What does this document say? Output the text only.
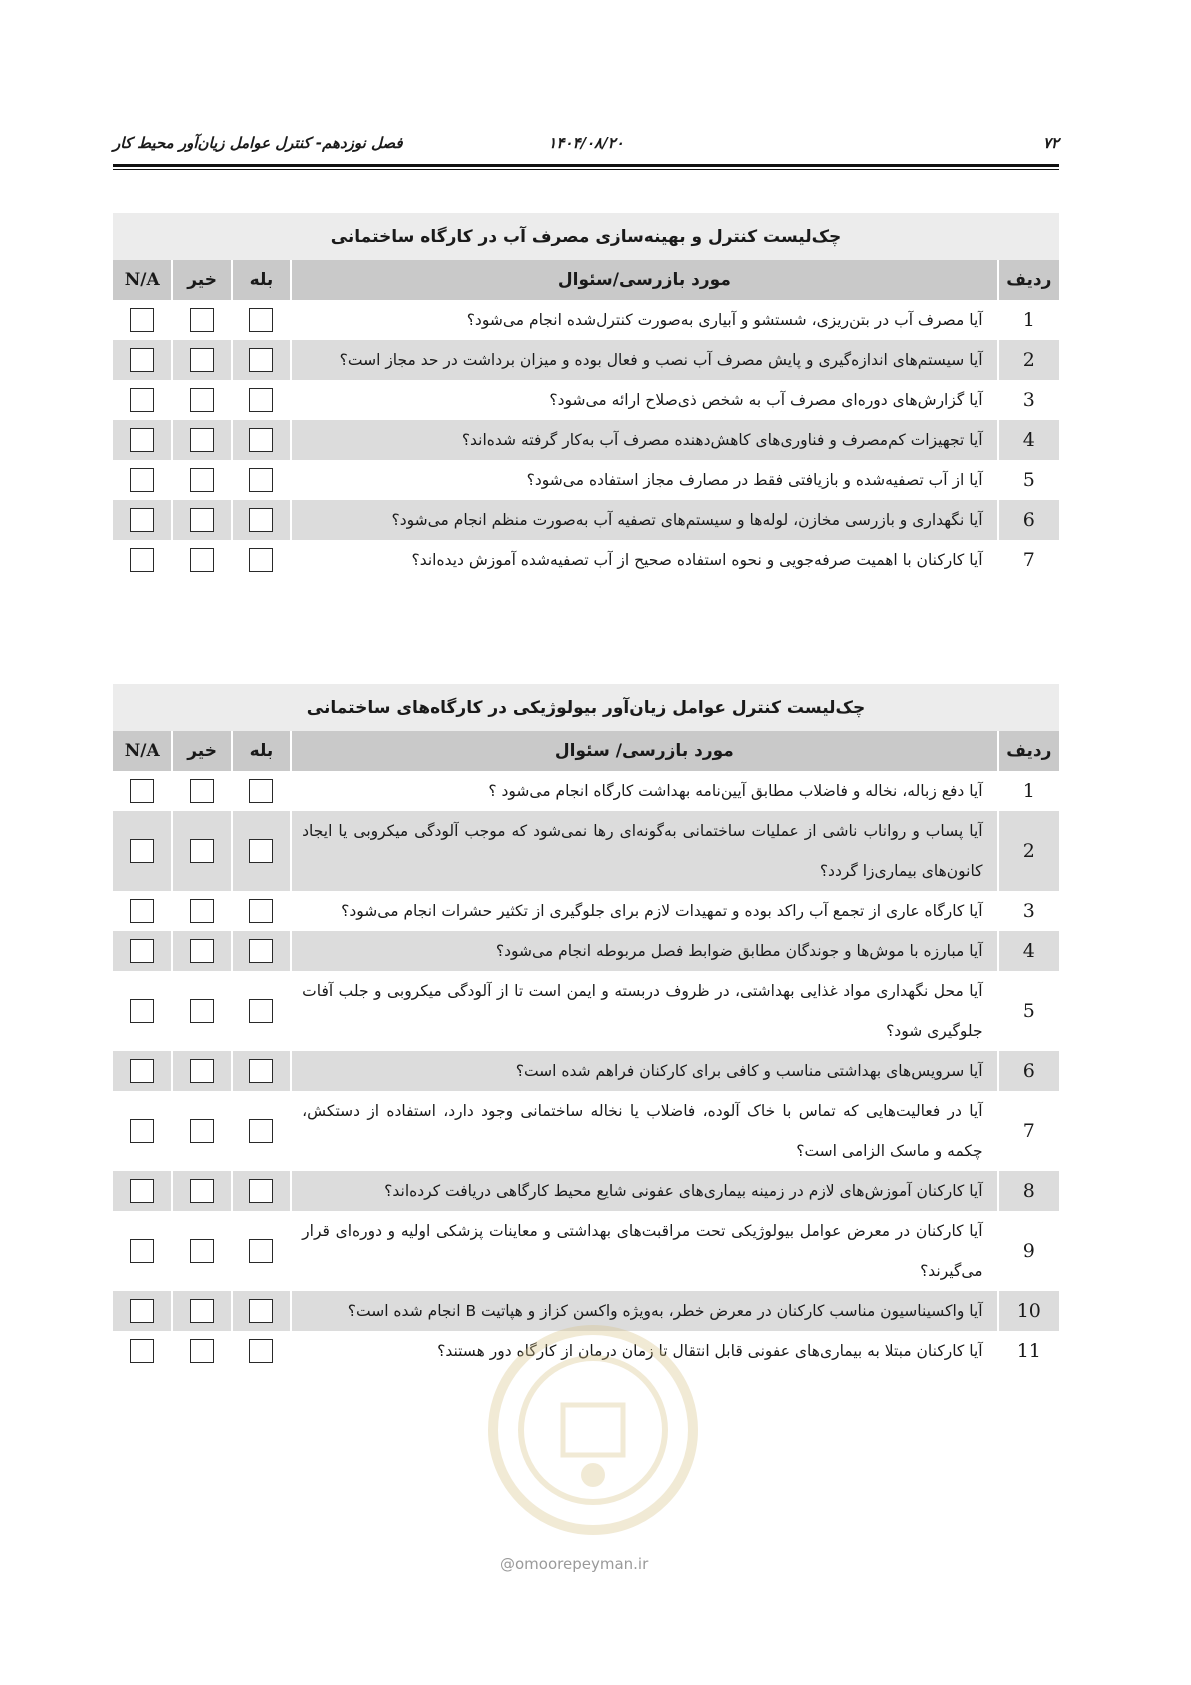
۷۲
۱۴۰۴/۰۸/۲۰
فصل نوزدهم- کنترل عوامل زیان‌آور محیط کار
چک‌لیست کنترل و بهینه‌سازی مصرف آب در کارگاه ساختمانی				
ردیف	مورد بازرسی/سئوال	بله	خیر	N/A
1	آیا مصرف آب در بتن‌ریزی، شستشو و آبیاری به‌صورت کنترل‌شده انجام می‌شود؟			
2	آیا سیستم‌های اندازه‌گیری و پایش مصرف آب نصب و فعال بوده و میزان برداشت در حد مجاز است؟			
3	آیا گزارش‌های دوره‌ای مصرف آب به شخص ذی‌صلاح ارائه می‌شود؟			
4	آیا تجهیزات کم‌مصرف و فناوری‌های کاهش‌دهنده مصرف آب به‌کار گرفته شده‌اند؟			
5	آیا از آب تصفیه‌شده و بازیافتی فقط در مصارف مجاز استفاده می‌شود؟			
6	آیا نگهداری و بازرسی مخازن، لوله‌ها و سیستم‌های تصفیه آب به‌صورت منظم انجام می‌شود؟			
7	آیا کارکنان با اهمیت صرفه‌جویی و نحوه استفاده صحیح از آب تصفیه‌شده آموزش دیده‌اند؟			
چک‌لیست کنترل عوامل زیان‌آور بیولوژیکی در کارگاه‌های ساختمانی				
ردیف	مورد بازرسی/ سئوال	بله	خیر	N/A
1	آیا دفع زباله، نخاله و فاضلاب مطابق آیین‌نامه بهداشت کارگاه انجام می‌شود ؟			
2	آیا پساب و رواناب ناشی از عملیات ساختمانی به‌گونه‌ای رها نمی‌شود که موجب آلودگی میکروبی یا ایجاد کانون‌های بیماری‌زا گردد؟			
3	آیا کارگاه عاری از تجمع آب راکد بوده و تمهیدات لازم برای جلوگیری از تکثیر حشرات انجام می‌شود؟			
4	آیا مبارزه با موش‌ها و جوندگان مطابق ضوابط فصل مربوطه انجام می‌شود؟			
5	آیا محل نگهداری مواد غذایی بهداشتی، در ظروف دربسته و ایمن است تا از آلودگی میکروبی و جلب آفات جلوگیری شود؟			
6	آیا سرویس‌های بهداشتی مناسب و کافی برای کارکنان فراهم شده است؟			
7	آیا در فعالیت‌هایی که تماس با خاک آلوده، فاضلاب یا نخاله ساختمانی وجود دارد، استفاده از دستکش، چکمه و ماسک الزامی است؟			
8	آیا کارکنان آموزش‌های لازم در زمینه بیماری‌های عفونی شایع محیط کارگاهی دریافت کرده‌اند؟			
9	آیا کارکنان در معرض عوامل بیولوژیکی تحت مراقبت‌های بهداشتی و معاینات پزشکی اولیه و دوره‌ای قرار می‌گیرند؟			
10	آیا واکسیناسیون مناسب کارکنان در معرض خطر، به‌ویژه واکسن کزاز و هپاتیت B انجام شده است؟			
11	آیا کارکنان مبتلا به بیماری‌های عفونی قابل انتقال تا زمان درمان از کارگاه دور هستند؟			
@omoorepeyman.ir
